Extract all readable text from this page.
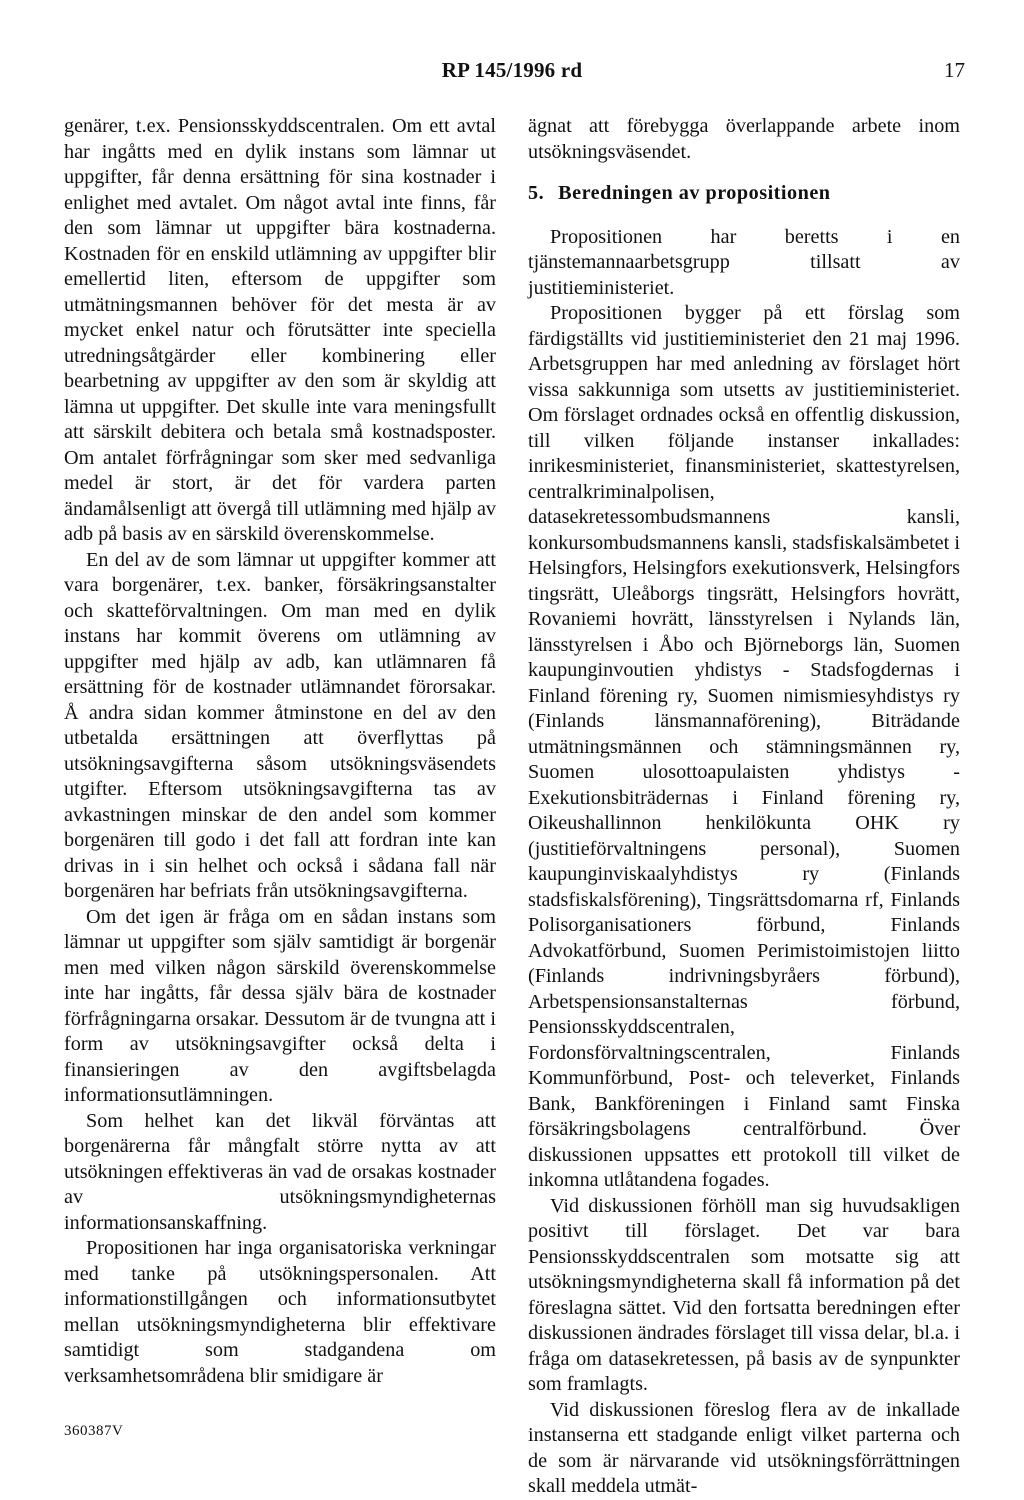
RP 145/1996 rd	17

genärer, t.ex. Pensionsskyddscentralen. Om ett avtal har ingåtts med en dylik instans som lämnar ut uppgifter, får denna ersättning för sina kostnader i enlighet med avtalet. Om något avtal inte finns, får den som lämnar ut uppgifter bära kostnaderna. Kostnaden för en enskild utlämning av uppgifter blir emellertid liten, eftersom de uppgifter som utmätningsmannen behöver för det mesta är av mycket enkel natur och förutsätter inte speciella utredningsåtgärder eller kombinering eller bearbetning av uppgifter av den som är skyldig att lämna ut uppgifter. Det skulle inte vara meningsfullt att särskilt debitera och betala små kostnadsposter. Om antalet förfrågningar som sker med sedvanliga medel är stort, är det för vardera parten ändamålsenligt att övergå till utlämning med hjälp av adb på basis av en särskild överenskommelse.

En del av de som lämnar ut uppgifter kommer att vara borgenärer, t.ex. banker, försäkringsanstalter och skatteförvaltningen. Om man med en dylik instans har kommit överens om utlämning av uppgifter med hjälp av adb, kan utlämnaren få ersättning för de kostnader utlämnandet förorsakar. Å andra sidan kommer åtminstone en del av den utbetalda ersättningen att överflyttas på utsökningsavgifterna såsom utsökningsväsendets utgifter. Eftersom utsökningsavgifterna tas av avkastningen minskar de den andel som kommer borgenären till godo i det fall att fordran inte kan drivas in i sin helhet och också i sådana fall när borgenären har befriats från utsökningsavgifterna.

Om det igen är fråga om en sådan instans som lämnar ut uppgifter som själv samtidigt är borgenär men med vilken någon särskild överenskommelse inte har ingåtts, får dessa själv bära de kostnader förfrågningarna orsakar. Dessutom är de tvungna att i form av utsökningsavgifter också delta i finansieringen av den avgiftsbelagda informationsutlämningen.

Som helhet kan det likväl förväntas att borgenärerna får mångfalt större nytta av att utsökningen effektiveras än vad de orsakas kostnader av utsökningsmyndigheternas informationsanskaffning.

Propositionen har inga organisatoriska verkningar med tanke på utsökningspersonalen. Att informationstillgången och informationsutbytet mellan utsökningsmyndigheterna blir effektivare samtidigt som stadgandena om verksamhetsområdena blir smidigare är

ägnat att förebygga överlappande arbete inom utsökningsväsendet.

5. Beredningen av propositionen

Propositionen har beretts i en tjänstemannaarbetsgrupp tillsatt av justitieministeriet.

Propositionen bygger på ett förslag som färdigställts vid justitieministeriet den 21 maj 1996. Arbetsgruppen har med anledning av förslaget hört vissa sakkunniga som utsetts av justitieministeriet. Om förslaget ordnades också en offentlig diskussion, till vilken följande instanser inkallades: inrikesministeriet, finansministeriet, skattestyrelsen, centralkriminalpolisen, datasekretessombudsmannens kansli, konkursombudsmannens kansli, stadsfiskalsämbetet i Helsingfors, Helsingfors exekutionsverk, Helsingfors tingsrätt, Uleåborgs tingsrätt, Helsingfors hovrätt, Rovaniemi hovrätt, länsstyrelsen i Nylands län, länsstyrelsen i Åbo och Björneborgs län, Suomen kaupunginvoutien yhdistys - Stadsfogdernas i Finland förening ry, Suomen nimismiesyhdistys ry (Finlands länsmannaförening), Biträdande utmätningsmännen och stämningsmännen ry, Suomen ulosottoapulaisten yhdistys - Exekutionsbiträdernas i Finland förening ry, Oikeushallinnon henkilökunta OHK ry (justitieförvaltningens personal), Suomen kaupunginviskaalyhdistys ry (Finlands stadsfiskalsförening), Tingsrättsdomarna rf, Finlands Polisorganisationers förbund, Finlands Advokatförbund, Suomen Perimistoimistojen liitto (Finlands indrivningsbyråers förbund), Arbetspensionsanstalternas förbund, Pensionsskyddscentralen, Fordonsförvaltningscentralen, Finlands Kommunförbund, Post- och televerket, Finlands Bank, Bankföreningen i Finland samt Finska försäkringsbolagens centralförbund. Över diskussionen uppsattes ett protokoll till vilket de inkomna utlåtandena fogades.

Vid diskussionen förhöll man sig huvudsakligen positivt till förslaget. Det var bara Pensionsskyddscentralen som motsatte sig att utsökningsmyndigheterna skall få information på det föreslagna sättet. Vid den fortsatta beredningen efter diskussionen ändrades förslaget till vissa delar, bl.a. i fråga om datasekretessen, på basis av de synpunkter som framlagts.

Vid diskussionen föreslog flera av de inkallade instanserna ett stadgande enligt vilket parterna och de som är närvarande vid utsökningsförrättningen skall meddela utmät-

360387V
